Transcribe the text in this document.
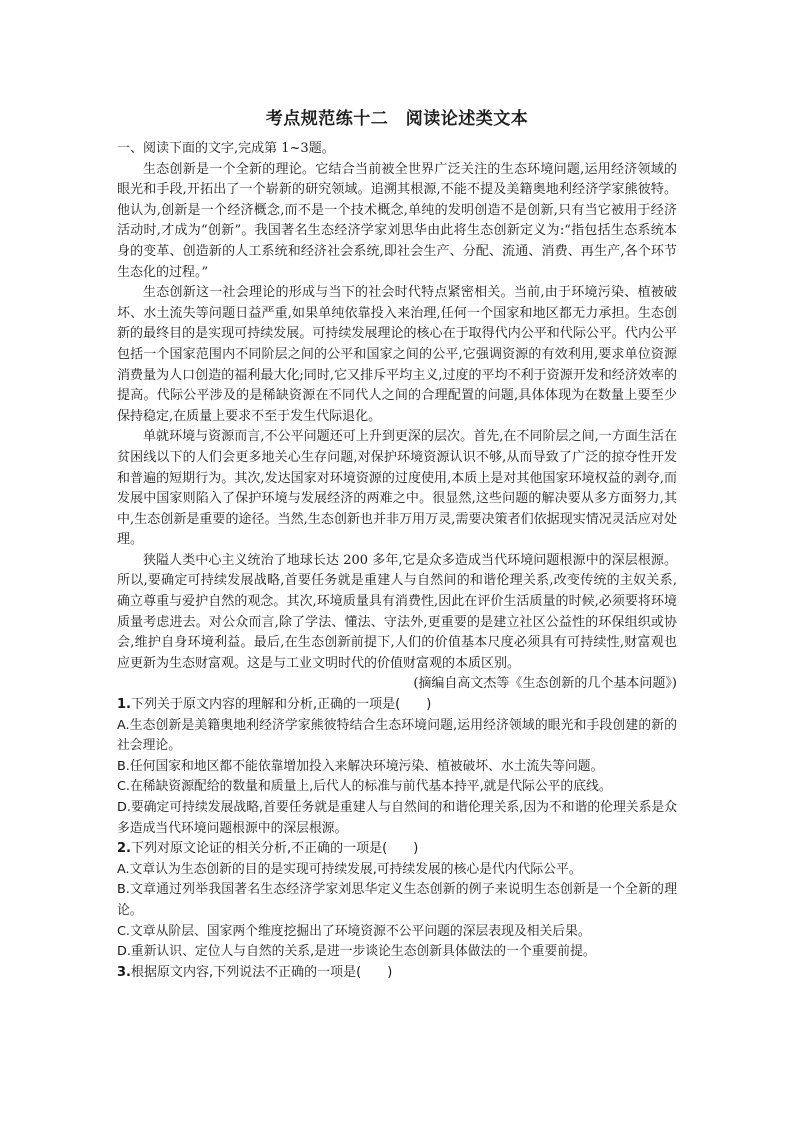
考点规范练十二　阅读论述类文本

一、阅读下面的文字,完成第 1~3题。

生态创新是一个全新的理论。它结合当前被全世界广泛关注的生态环境问题,运用经济领域的眼光和手段,开拓出了一个崭新的研究领域。追溯其根源,不能不提及美籍奥地利经济学家熊彼特。他认为,创新是一个经济概念,而不是一个技术概念,单纯的发明创造不是创新,只有当它被用于经济活动时,才成为“创新”。我国著名生态经济学家刘思华由此将生态创新定义为:“指包括生态系统本身的变革、创造新的人工系统和经济社会系统,即社会生产、分配、流通、消费、再生产,各个环节生态化的过程。”

生态创新这一社会理论的形成与当下的社会时代特点紧密相关。当前,由于环境污染、植被破坏、水土流失等问题日益严重,如果单纯依靠投入来治理,任何一个国家和地区都无力承担。生态创新的最终目的是实现可持续发展。可持续发展理论的核心在于取得代内公平和代际公平。代内公平包括一个国家范围内不同阶层之间的公平和国家之间的公平,它强调资源的有效利用,要求单位资源消费量为人口创造的福利最大化;同时,它又排斥平均主义,过度的平均不利于资源开发和经济效率的提高。代际公平涉及的是稀缺资源在不同代人之间的合理配置的问题,具体体现为在数量上要至少保持稳定,在质量上要求不至于发生代际退化。

单就环境与资源而言,不公平问题还可上升到更深的层次。首先,在不同阶层之间,一方面生活在贫困线以下的人们会更多地关心生存问题,对保护环境资源认识不够,从而导致了广泛的掠夺性开发和普遍的短期行为。其次,发达国家对环境资源的过度使用,本质上是对其他国家环境权益的剥夺,而发展中国家则陷入了保护环境与发展经济的两难之中。很显然,这些问题的解决要从多方面努力,其中,生态创新是重要的途径。当然,生态创新也并非万用万灵,需要决策者们依据现实情况灵活应对处理。

狭隘人类中心主义统治了地球长达 200 多年,它是众多造成当代环境问题根源中的深层根源。所以,要确定可持续发展战略,首要任务就是重建人与自然间的和谐伦理关系,改变传统的主奴关系,确立尊重与爱护自然的观念。其次,环境质量具有消费性,因此在评价生活质量的时候,必须要将环境质量考虑进去。对公众而言,除了学法、懂法、守法外,更重要的是建立社区公益性的环保组织或协会,维护自身环境利益。最后,在生态创新前提下,人们的价值基本尺度必须具有可持续性,财富观也应更新为生态财富观。这是与工业文明时代的价值财富观的本质区别。

(摘编自高文杰等《生态创新的几个基本问题》)

1.下列关于原文内容的理解和分析,正确的一项是(　　)

A.生态创新是美籍奥地利经济学家熊彼特结合生态环境问题,运用经济领域的眼光和手段创建的新的社会理论。

B.任何国家和地区都不能依靠增加投入来解决环境污染、植被破坏、水土流失等问题。

C.在稀缺资源配给的数量和质量上,后代人的标准与前代基本持平,就是代际公平的底线。

D.要确定可持续发展战略,首要任务就是重建人与自然间的和谐伦理关系,因为不和谐的伦理关系是众多造成当代环境问题根源中的深层根源。

2.下列对原文论证的相关分析,不正确的一项是(　　)

A.文章认为生态创新的目的是实现可持续发展,可持续发展的核心是代内代际公平。

B.文章通过列举我国著名生态经济学家刘思华定义生态创新的例子来说明生态创新是一个全新的理论。

C.文章从阶层、国家两个维度挖掘出了环境资源不公平问题的深层表现及相关后果。

D.重新认识、定位人与自然的关系,是进一步谈论生态创新具体做法的一个重要前提。

3.根据原文内容,下列说法不正确的一项是(　　)
